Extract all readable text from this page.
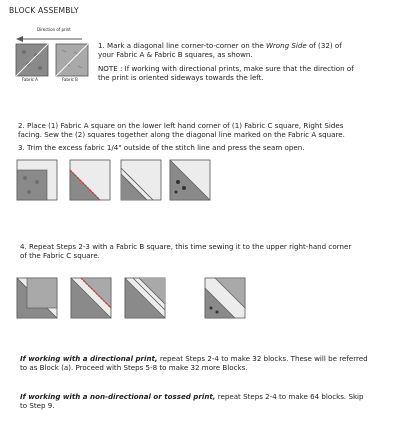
BLOCK ASSEMBLY
Direction of print
Fabric A	Fabric B
1. Mark a diagonal line corner-to-corner on the Wrong Side of (32) of
your Fabric A & Fabric B squares, as shown.
NOTE : If working with directional prints, make sure that the direction of
the print is oriented sideways towards the left.
2. Place (1) Fabric A square on the lower left hand corner of (1) Fabric C square, Right Sides
facing. Sew the (2) squares together along the diagonal line marked on the Fabric A square.
3. Trim the excess fabric 1/4" outside of the stitch line and press the seam open.
4. Repeat Steps 2-3 with a Fabric B square, this time sewing it to the upper right-hand corner
of the Fabric C square.
If working with a directional print, repeat Steps 2-4 to make 32 blocks. These will be referred
to as Block (a). Proceed with Steps 5-8 to make 32 more Blocks.
If working with a non-directional or tossed print, repeat Steps 2-4 to make 64 blocks. Skip
to Step 9.
